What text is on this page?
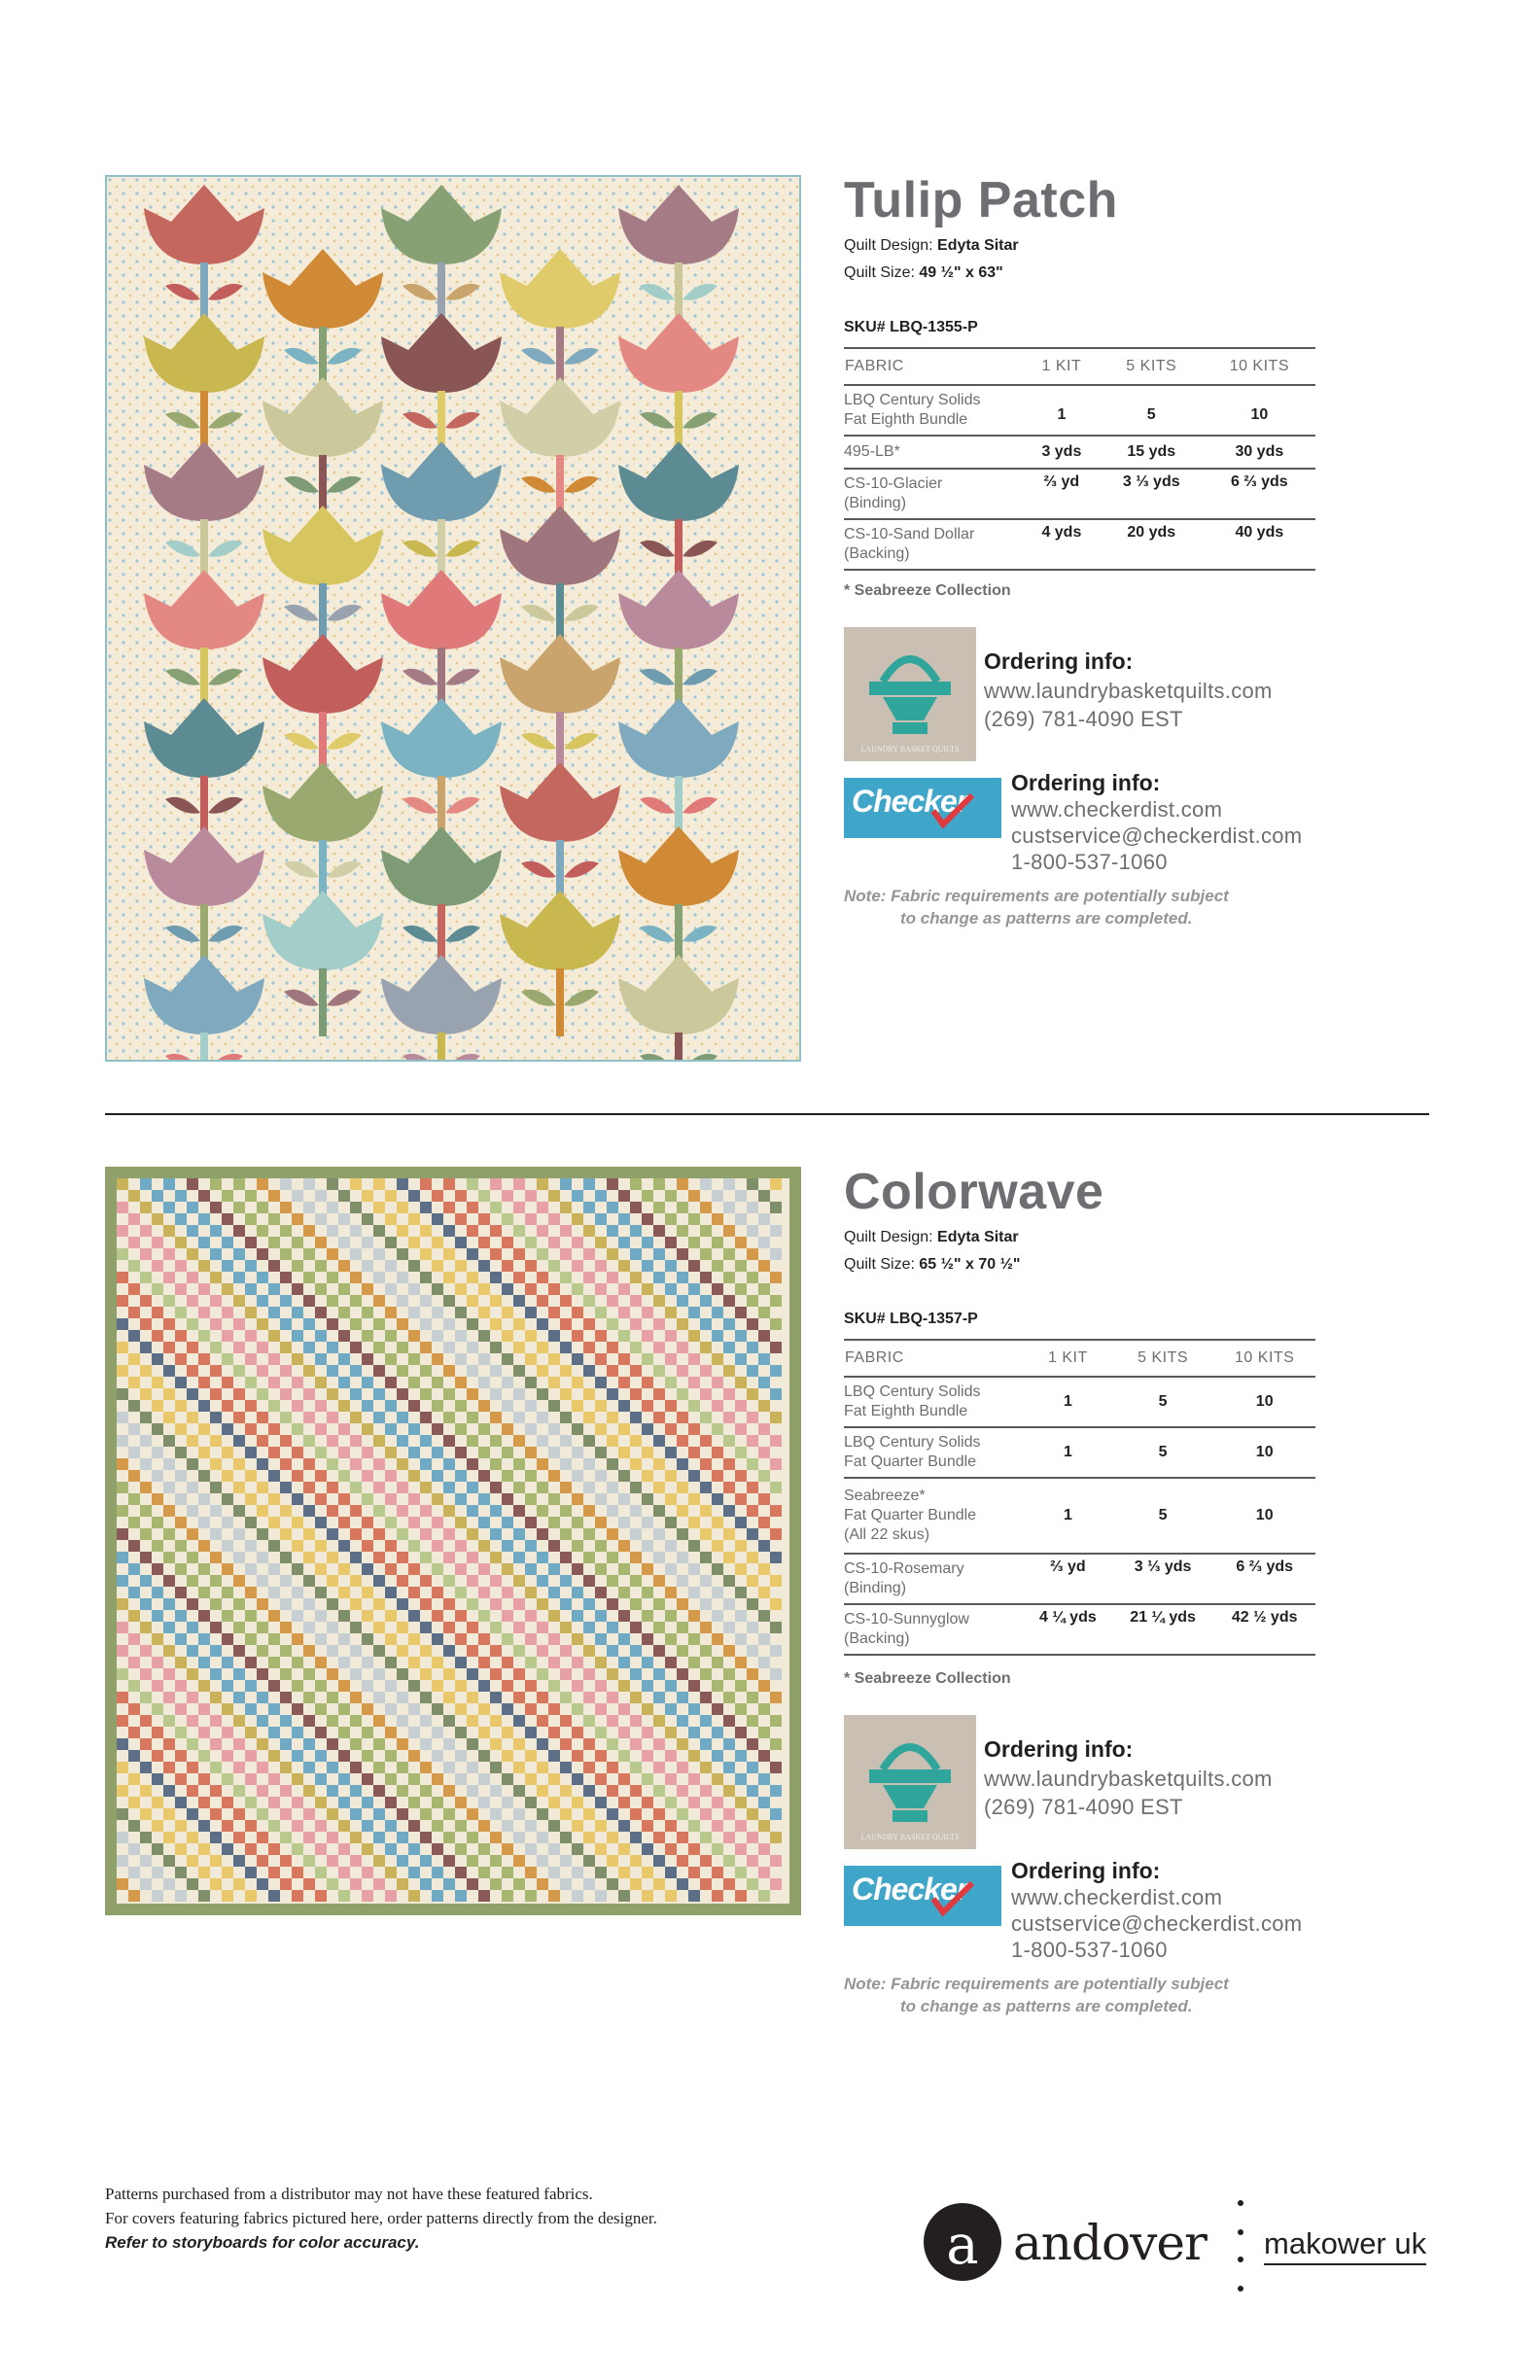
Tulip Patch
Quilt Design: Edyta Sitar
Quilt Size: 49 ½" x 63"
SKU# LBQ-1355-P
FABRIC	1 KIT	5 KITS	10 KITS
LBQ Century Solids
Fat Eighth Bundle	1	5	10
495-LB*	3 yds	15 yds	30 yds
CS-10-Glacier
(Binding)	⅔ yd	3 ⅓ yds	6 ⅔ yds
CS-10-Sand Dollar
(Backing)	4 yds	20 yds	40 yds
* Seabreeze Collection
LAUNDRY BASKET QUILTS
Ordering info:
www.laundrybasketquilts.com
(269) 781-4090 EST
Checker
Ordering info:
www.checkerdist.com
custservice@checkerdist.com
1-800-537-1060
Note: Fabric requirements are potentially subject
to change as patterns are completed.
Colorwave
Quilt Design: Edyta Sitar
Quilt Size: 65 ½" x 70 ½"
SKU# LBQ-1357-P
FABRIC	1 KIT	5 KITS	10 KITS
LBQ Century Solids
Fat Eighth Bundle	1	5	10
LBQ Century Solids
Fat Quarter Bundle	1	5	10
Seabreeze*
Fat Quarter Bundle
(All 22 skus)	1	5	10
CS-10-Rosemary
(Binding)	⅔ yd	3 ⅓ yds	6 ⅔ yds
CS-10-Sunnyglow
(Backing)	4 ¼ yds	21 ¼ yds	42 ½ yds
* Seabreeze Collection
LAUNDRY BASKET QUILTS
Ordering info:
www.laundrybasketquilts.com
(269) 781-4090 EST
Checker
Ordering info:
www.checkerdist.com
custservice@checkerdist.com
1-800-537-1060
Note: Fabric requirements are potentially subject
to change as patterns are completed.
Patterns purchased from a distributor may not have these featured fabrics.
For covers featuring fabrics pictured here, order patterns directly from the designer.
Refer to storyboards for color accuracy.	a andover makower uk
